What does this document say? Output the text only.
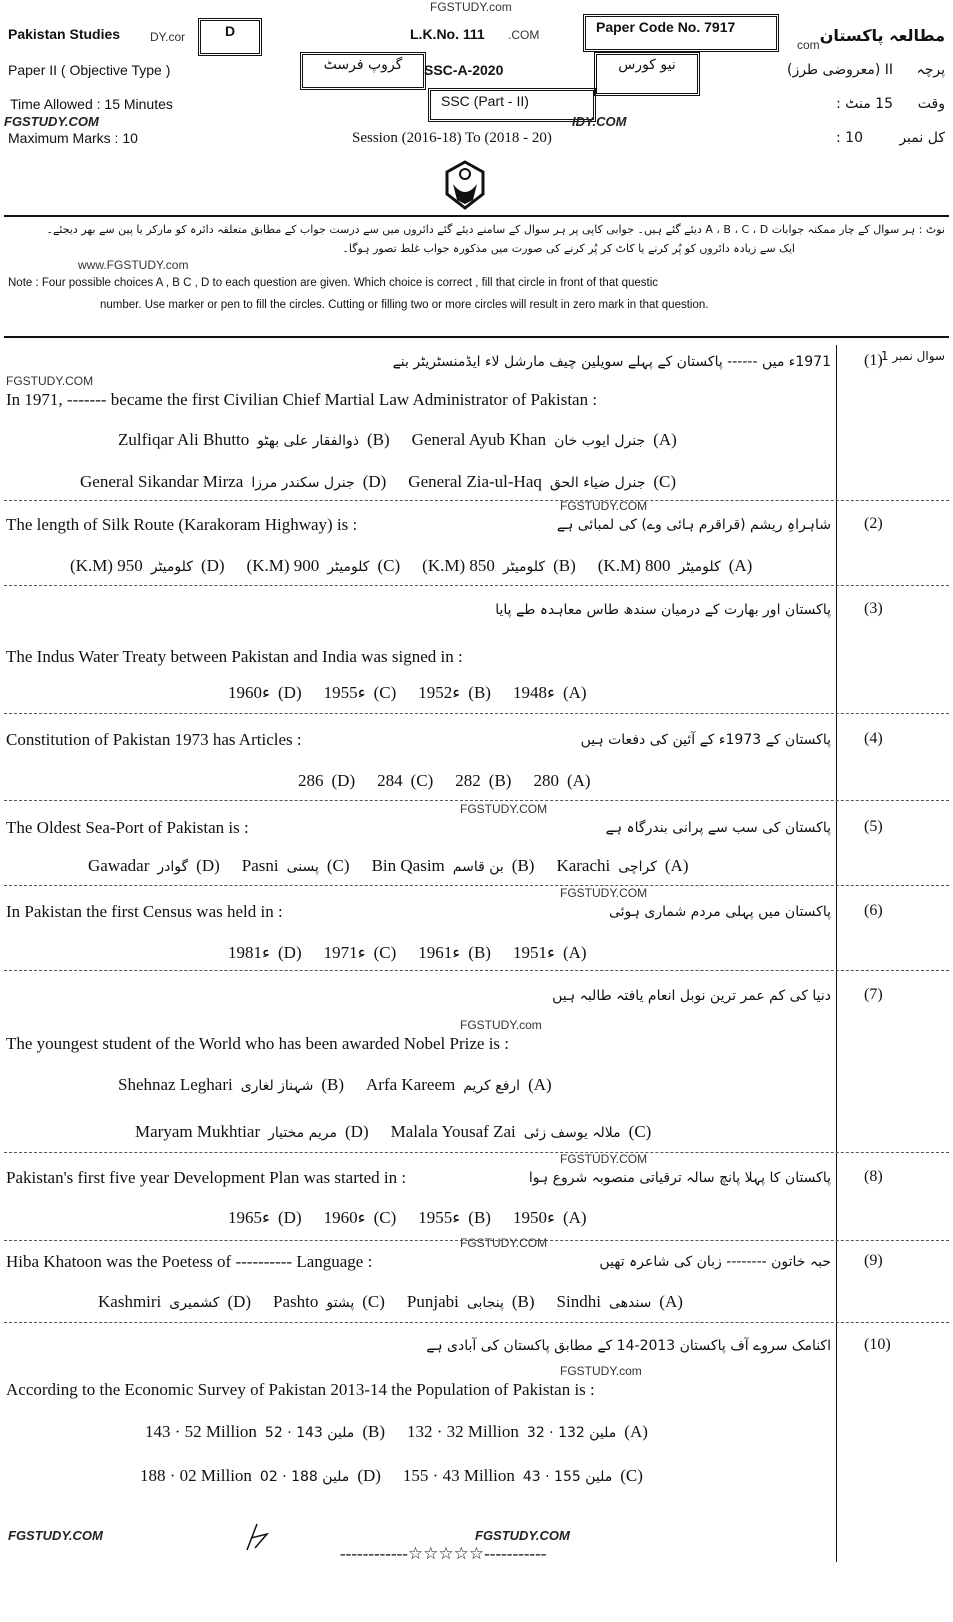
FGSTUDY.com
Pakistan Studies DY.cor	D	L.K.No. 111 .COM	Paper Code No. 7917
com مطالعہ پاکستان
Paper II ( Objective Type )	گروپ فرسٹ	SSC-A-2020	نیو کورس	II (معروضی طرز) پرچہ
Time Allowed : 15 Minutes	SSC (Part - II)	15 منٹ : وقت
FGSTUDY.COM	IDY.COM
Maximum Marks : 10	Session (2016-18) To (2018 - 20)	10 :	کل نمبر
نوٹ : ہر سوال کے چار ممکنہ جوابات A ، B ، C ، D دیئے گئے ہیں۔ جوابی کاپی پر ہر سوال کے سامنے دیئے گئے دائروں میں سے درست جواب کے مطابق متعلقہ دائرہ کو مارکر یا پین سے بھر دیجئے۔
ایک سے زیادہ دائروں کو پُر کرنے یا کاٹ کر پُر کرنے کی صورت میں مذکورہ جواب غلط تصور ہوگا۔
www.FGSTUDY.com
Note : Four possible choices A , B C , D to each question are given. Which choice is correct , fill that circle in front of that questic
number. Use marker or pen to fill the circles. Cutting or filling two or more circles will result in zero mark in that question.
سوال نمبر 1
(1)
1971ء میں ------ پاکستان کے پہلے سویلین چیف مارشل لاء ایڈمنسٹریٹر بنے
In 1971, ------- became the first Civilian Chief Martial Law Administrator of Pakistan :
FGSTUDY.COM
Zulfiqar Ali Bhutto ذوالفقار علی بھٹو (B) General Ayub Khan جنرل ایوب خان (A)
General Sikandar Mirza جنرل سکندر مرزا (D) General Zia-ul-Haq جنرل ضیاء الحق (C)
(2)
شاہراہِ ریشم (قراقرم ہائی وے) کی لمبائی ہے
The length of Silk Route (Karakoram Highway) is :
FGSTUDY.COM
(K.M) 950 کلومیٹر (D) (K.M) 900 کلومیٹر (C) (K.M) 850 کلومیٹر (B) (K.M) 800 کلومیٹر (A)
(3)
پاکستان اور بھارت کے درمیان سندھ طاس معاہدہ طے پایا
The Indus Water Treaty between Pakistan and India was signed in :
1960ء (D) 1955ء (C) 1952ء (B) 1948ء (A)
(4)
پاکستان کے 1973ء کے آئین کی دفعات ہیں
Constitution of Pakistan 1973 has Articles :
286 (D) 284 (C) 282 (B) 280 (A)
(5)
پاکستان کی سب سے پرانی بندرگاہ ہے
The Oldest Sea-Port of Pakistan is :
FGSTUDY.COM
Gawadar گوادر (D) Pasni پسنی (C) Bin Qasim بن قاسم (B) Karachi کراچی (A)
(6)
پاکستان میں پہلی مردم شماری ہوئی
In Pakistan the first Census was held in :
FGSTUDY.COM
1981ء (D) 1971ء (C) 1961ء (B) 1951ء (A)
(7)
دنیا کی کم عمر ترین نوبل انعام یافتہ طالبہ ہیں
The youngest student of the World who has been awarded Nobel Prize is :
FGSTUDY.com
Shehnaz Leghari شہناز لغاری (B) Arfa Kareem ارفع کریم (A)
Maryam Mukhtiar مریم مختیار (D) Malala Yousaf Zai ملالہ یوسف زئی (C)
(8)
پاکستان کا پہلا پانچ سالہ ترقیاتی منصوبہ شروع ہوا
Pakistan's first five year Development Plan was started in :
FGSTUDY.COM
1965ء (D) 1960ء (C) 1955ء (B) 1950ء (A)
(9)
حبہ خاتون -------- زبان کی شاعرہ تھیں
Hiba Khatoon was the Poetess of ---------- Language :
FGSTUDY.COM
Kashmiri کشمیری (D) Pashto پشتو (C) Punjabi پنجابی (B) Sindhi سندھی (A)
(10)
اکنامک سروے آف پاکستان 2013-14 کے مطابق پاکستان کی آبادی ہے
According to the Economic Survey of Pakistan 2013-14 the Population of Pakistan is :
FGSTUDY.com
143 · 52 Million ملین 143 · 52 (B) 132 · 32 Million ملین 132 · 32 (A)
188 · 02 Million ملین 188 · 02 (D) 155 · 43 Million ملین 155 · 43 (C)
FGSTUDY.COM	FGSTUDY.COM
------------☆☆☆☆☆-----------
